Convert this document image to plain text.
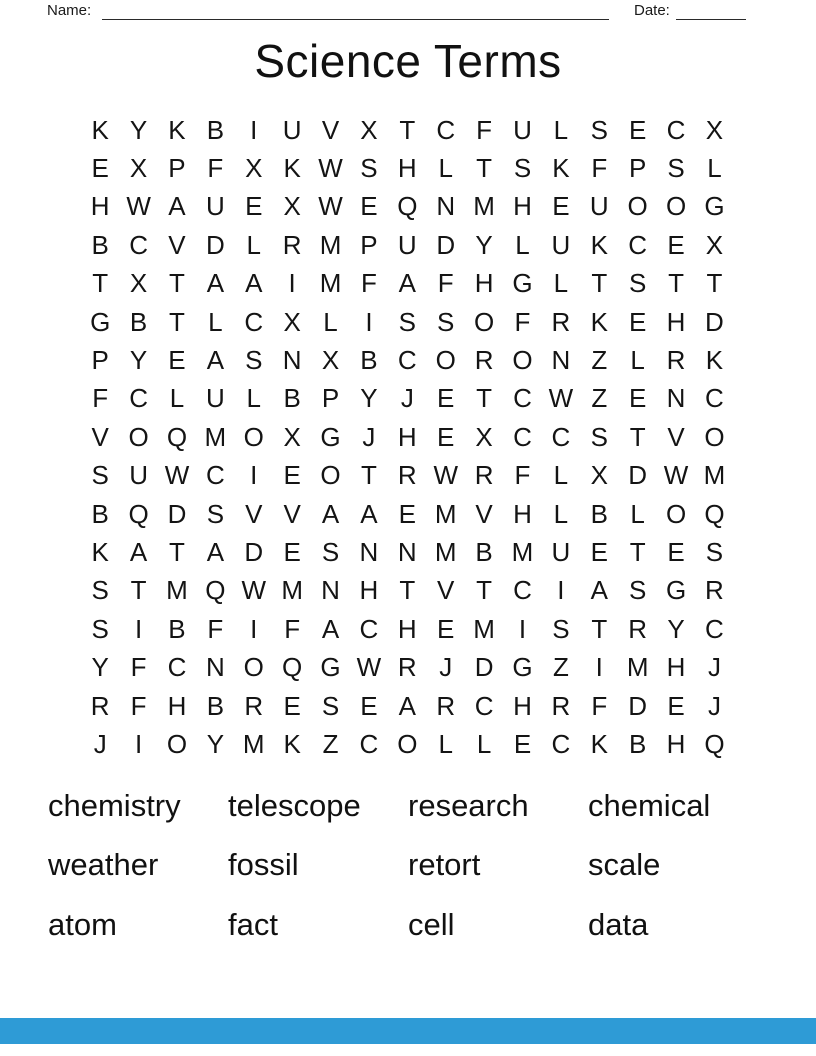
Name:	Date:
Science Terms
K Y K B	I U V X T C F U L S E C X
E X P F X K W S H L T S K F P S L
H W A U E X W E Q N M H E U O O G
B C V D L R M P U D Y L U K C E X
T X T A A	I M F A F H G L T S T T
G B T L C X L	I	S S O F R K E H D
P Y E A S N X B C O R O N Z L R K
F C L U L B P Y J E T C W Z E N C
V O Q M O X G J H E X C C S T V O
S U W C I	E O T R W R F L X D W M
B Q D S V V A A E M V H L B L O Q
K A T A D E S N N M B M U E T E S
S T M Q W M N H T V T C I	A S G R
S	I	B F	I	F A C H E M I	S T R Y C
Y F C N O Q G W R J D G Z	I M H J
R F H B R E S E A R C H R F D E J
J	I O Y M K Z C O L L E C K B H Q
chemistry	telescope	research	chemical
weather	fossil	retort	scale
atom	fact	cell	data
